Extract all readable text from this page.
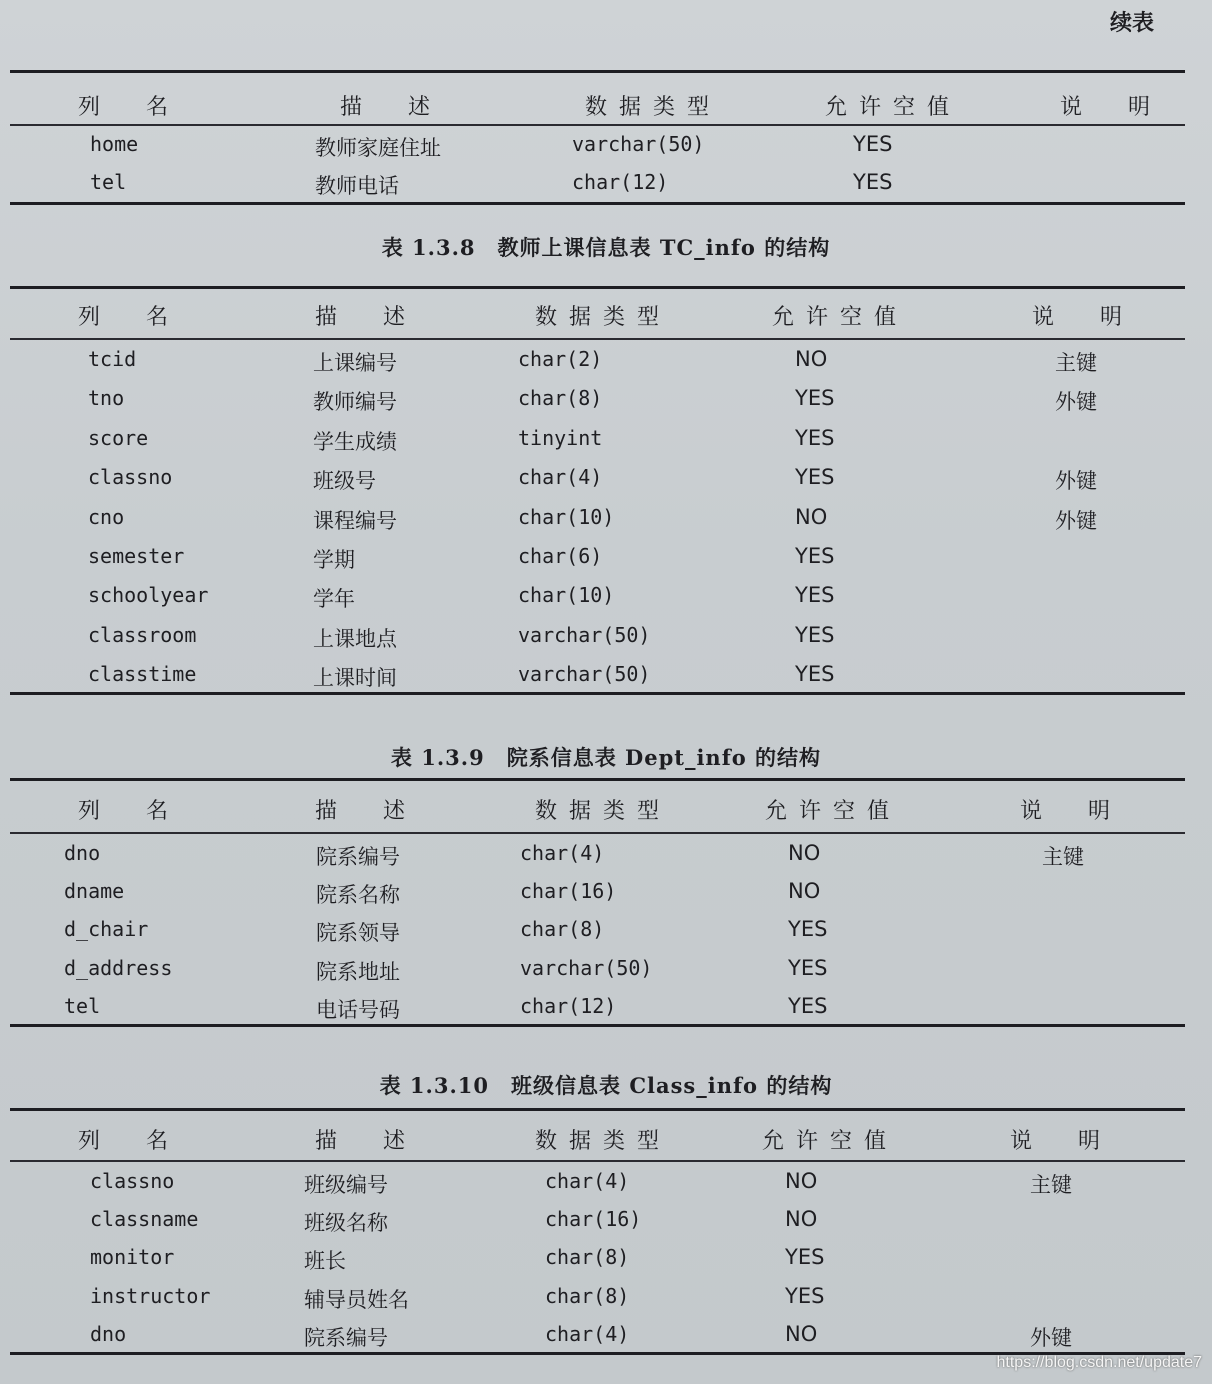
续表
列　名	描　述	数据类型	允许空值	说　明
home	教师家庭住址	varchar(50)	YES
tel	教师电话	char(12)	YES
表 1.3.8　教师上课信息表 TC_info 的结构
列　名	描　述	数据类型	允许空值	说　明
tcid	上课编号	char(2)	NO	主键
tno	教师编号	char(8)	YES	外键
score	学生成绩	tinyint	YES
classno	班级号	char(4)	YES	外键
cno	课程编号	char(10)	NO	外键
semester	学期	char(6)	YES
schoolyear	学年	char(10)	YES
classroom	上课地点	varchar(50)	YES
classtime	上课时间	varchar(50)	YES
表 1.3.9　院系信息表 Dept_info 的结构
列　名	描　述	数据类型	允许空值	说　明
dno	院系编号	char(4)	NO	主键
dname	院系名称	char(16)	NO
d_chair	院系领导	char(8)	YES
d_address	院系地址	varchar(50)	YES
tel	电话号码	char(12)	YES
表 1.3.10　班级信息表 Class_info 的结构
列　名	描　述	数据类型	允许空值	说　明
classno	班级编号	char(4)	NO	主键
classname	班级名称	char(16)	NO
monitor	班长	char(8)	YES
instructor	辅导员姓名	char(8)	YES
dno	院系编号	char(4)	NO	外键
https://blog.csdn.net/update7
